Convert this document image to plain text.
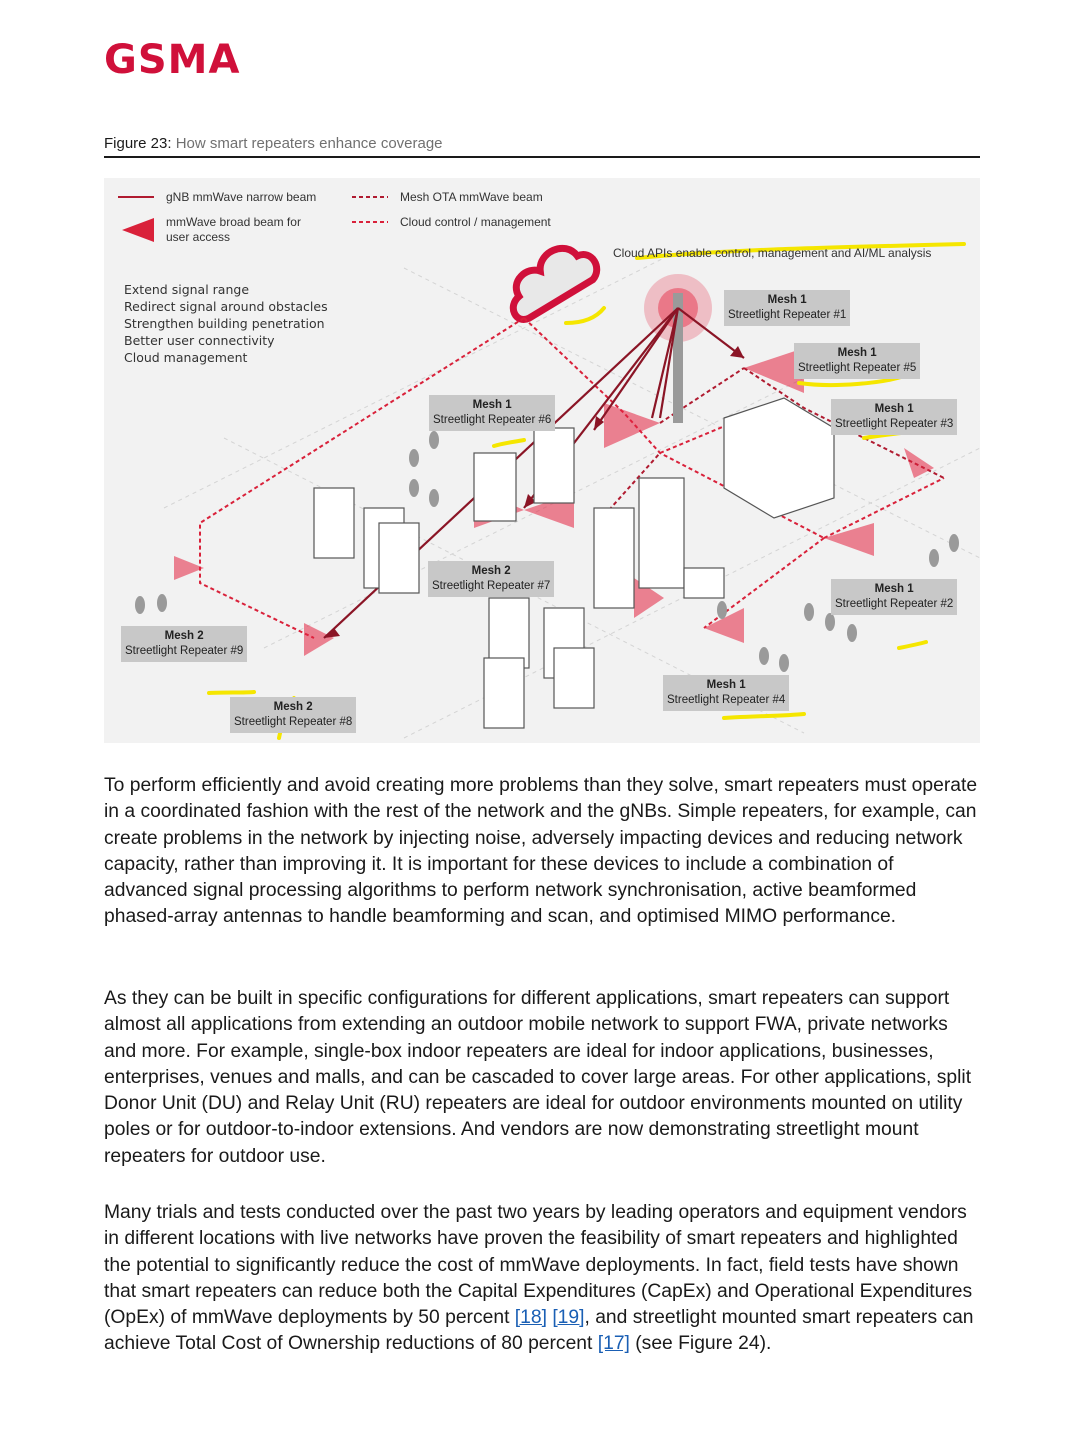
GSMA
Figure 23: How smart repeaters enhance coverage
gNB mmWave narrow beam	Mesh OTA mmWave beam
mmWave broad beam for user access
Cloud control / management
Extend signal range
Redirect signal around obstacles
Strengthen building penetration
Better user connectivity
Cloud management
Cloud APIs enable control, management and AI/ML analysis
Mesh 1
Streetlight Repeater #1
Mesh 1
Streetlight Repeater #5
Mesh 1
Streetlight Repeater #3
Mesh 1
Streetlight Repeater #6
Mesh 2
Streetlight Repeater #7	Mesh 1
Streetlight Repeater #2
Mesh 2
Streetlight Repeater #9
Mesh 1
Streetlight Repeater #4
Mesh 2
Streetlight Repeater #8

To perform efficiently and avoid creating more problems than they solve, smart repeaters must operate in a coordinated fashion with the rest of the network and the gNBs. Simple repeaters, for example, can create problems in the network by injecting noise, adversely impacting devices and reducing network capacity, rather than improving it. It is important for these devices to include a combination of advanced signal processing algorithms to perform network synchronisation, active beamformed phased-array antennas to handle beamforming and scan, and optimised MIMO performance.

As they can be built in specific configurations for different applications, smart repeaters can support almost all applications from extending an outdoor mobile network to support FWA, private networks and more. For example, single-box indoor repeaters are ideal for indoor applications, businesses, enterprises, venues and malls, and can be cascaded to cover large areas. For other applications, split Donor Unit (DU) and Relay Unit (RU) repeaters are ideal for outdoor environments mounted on utility poles or for outdoor-to-indoor extensions. And vendors are now demonstrating streetlight mount repeaters for outdoor use.

Many trials and tests conducted over the past two years by leading operators and equipment vendors in different locations with live networks have proven the feasibility of smart repeaters and highlighted the potential to significantly reduce the cost of mmWave deployments. In fact, field tests have shown that smart repeaters can reduce both the Capital Expenditures (CapEx) and Operational Expenditures (OpEx) of mmWave deployments by 50 percent [18] [19], and streetlight mounted smart repeaters can achieve Total Cost of Ownership reductions of 80 percent [17] (see Figure 24).
